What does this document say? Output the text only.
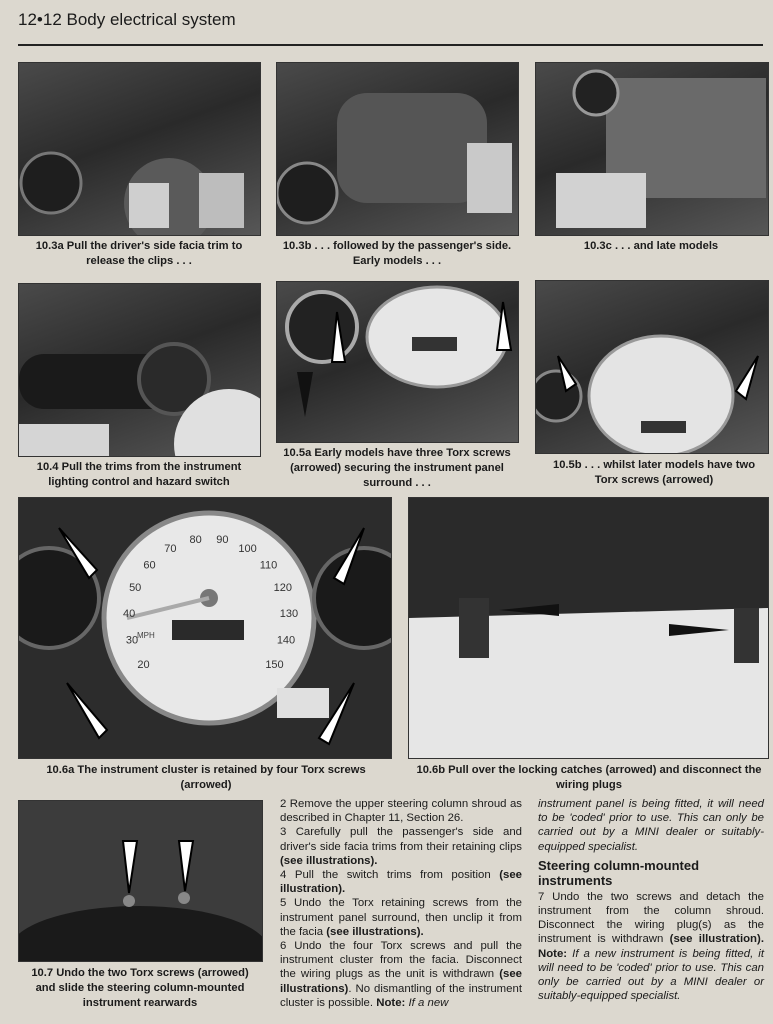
12•12 Body electrical system
10.3a Pull the driver's side facia trim to release the clips . . .
10.3b . . . followed by the passenger's side. Early models . . .
10.3c . . . and late models
10.4 Pull the trims from the instrument lighting control and hazard switch
10.5a Early models have three Torx screws (arrowed) securing the instrument panel surround . . .
10.5b . . . whilst later models have two Torx screws (arrowed)
20
30
40
50
60
70
80 90
100
110
120
130
140
150
MPH
10.6a The instrument cluster is retained by four Torx screws (arrowed)
10.6b Pull over the locking catches (arrowed) and disconnect the wiring plugs
10.7 Undo the two Torx screws (arrowed) and slide the steering column-mounted instrument rearwards

2 Remove the upper steering column shroud as described in Chapter 11, Section 26.

3 Carefully pull the passenger's side and driver's side facia trims from their retaining clips (see illustrations).

4 Pull the switch trims from position (see illustration).

5 Undo the Torx retaining screws from the instrument panel surround, then unclip it from the facia (see illustrations).

6 Undo the four Torx screws and pull the instrument cluster from the facia. Disconnect the wiring plugs as the unit is withdrawn (see illustrations). No dismantling of the instrument cluster is possible. Note: If a new

instrument panel is being fitted, it will need to be 'coded' prior to use. This can only be carried out by a MINI dealer or suitably-equipped specialist.

Steering column-mounted instruments

7 Undo the two screws and detach the instrument from the column shroud. Disconnect the wiring plug(s) as the instrument is withdrawn (see illustration). Note: If a new instrument is being fitted, it will need to be 'coded' prior to use. This can only be carried out by a MINI dealer or suitably-equipped specialist.
